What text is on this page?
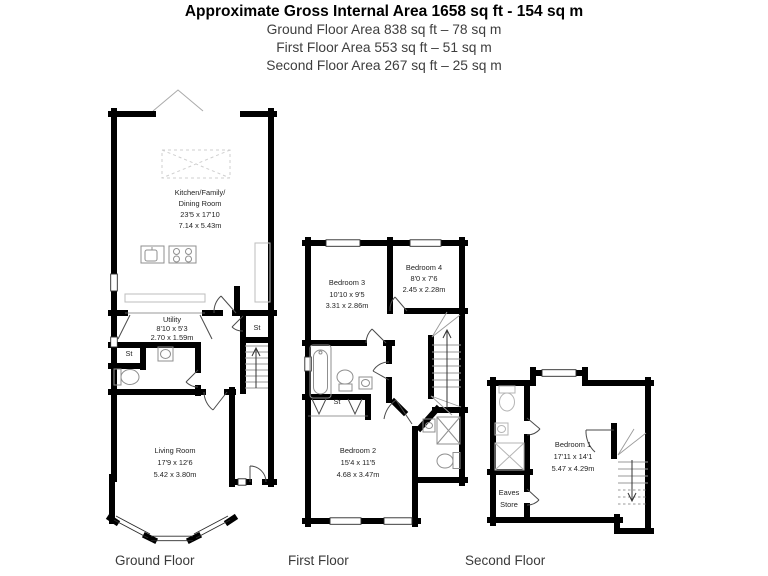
Approximate Gross Internal Area 1658 sq ft - 154 sq m
Ground Floor Area 838 sq ft – 78 sq m
First Floor Area 553 sq ft – 51 sq m
Second Floor Area 267 sq ft – 25 sq m
Kitchen/Family/
Dining Room
23'5 x 17'10
7.14 x 5.43m
Utility
8'10 x 5'3
2.70 x 1.59m
St
St
Living Room
17'9 x 12'6
5.42 x 3.80m
Bedroom 3
10'10 x 9'5
3.31 x 2.86m
Bedroom 4
8'0 x 7'6
2.45 x 2.28m
St
Bedroom 2
15'4 x 11'5
4.68 x 3.47m
Bedroom 1
17'11 x 14'1
5.47 x 4.29m
Eaves
Store
Ground Floor	First Floor	Second Floor
